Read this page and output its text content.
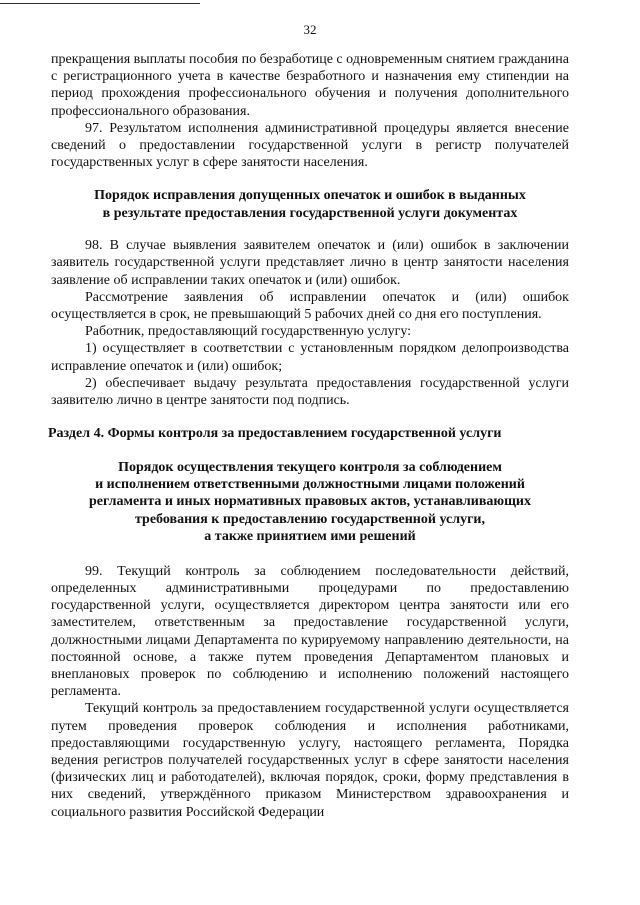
32

прекращения выплаты пособия по безработице с одновременным снятием гражданина с регистрационного учета в качестве безработного и назначения ему стипендии на период прохождения профессионального обучения и получения дополнительного профессионального образования.

97. Результатом исполнения административной процедуры является внесение сведений о предоставлении государственной услуги в регистр получателей государственных услуг в сфере занятости населения.

Порядок исправления допущенных опечаток и ошибок в выданных
в результате предоставления государственной услуги документах

98. В случае выявления заявителем опечаток и (или) ошибок в заключении заявитель государственной услуги представляет лично в центр занятости населения заявление об исправлении таких опечаток и (или) ошибок.

Рассмотрение заявления об исправлении опечаток и (или) ошибок осуществляется в срок, не превышающий 5 рабочих дней со дня его поступления.

Работник, предоставляющий государственную услугу:

1) осуществляет в соответствии с установленным порядком делопроизводства исправление опечаток и (или) ошибок;

2) обеспечивает выдачу результата предоставления государственной услуги заявителю лично в центре занятости под подпись.

Раздел 4. Формы контроля за предоставлением государственной услуги
Порядок осуществления текущего контроля за соблюдением
и исполнением ответственными должностными лицами положений
регламента и иных нормативных правовых актов, устанавливающих
требования к предоставлению государственной услуги,
а также принятием ими решений

99. Текущий контроль за соблюдением последовательности действий, определенных административными процедурами по предоставлению государственной услуги, осуществляется директором центра занятости или его заместителем, ответственным за предоставление государственной услуги, должностными лицами Департамента по курируемому направлению деятельности, на постоянной основе, а также путем проведения Департаментом плановых и внеплановых проверок по соблюдению и исполнению положений настоящего регламента.

Текущий контроль за предоставлением государственной услуги осуществляется путем проведения проверок соблюдения и исполнения работниками, предоставляющими государственную услугу, настоящего регламента, Порядка ведения регистров получателей государственных услуг в сфере занятости населения (физических лиц и работодателей), включая порядок, сроки, форму представления в них сведений, утверждённого приказом Министерством здравоохранения и социального развития Российской Федерации
